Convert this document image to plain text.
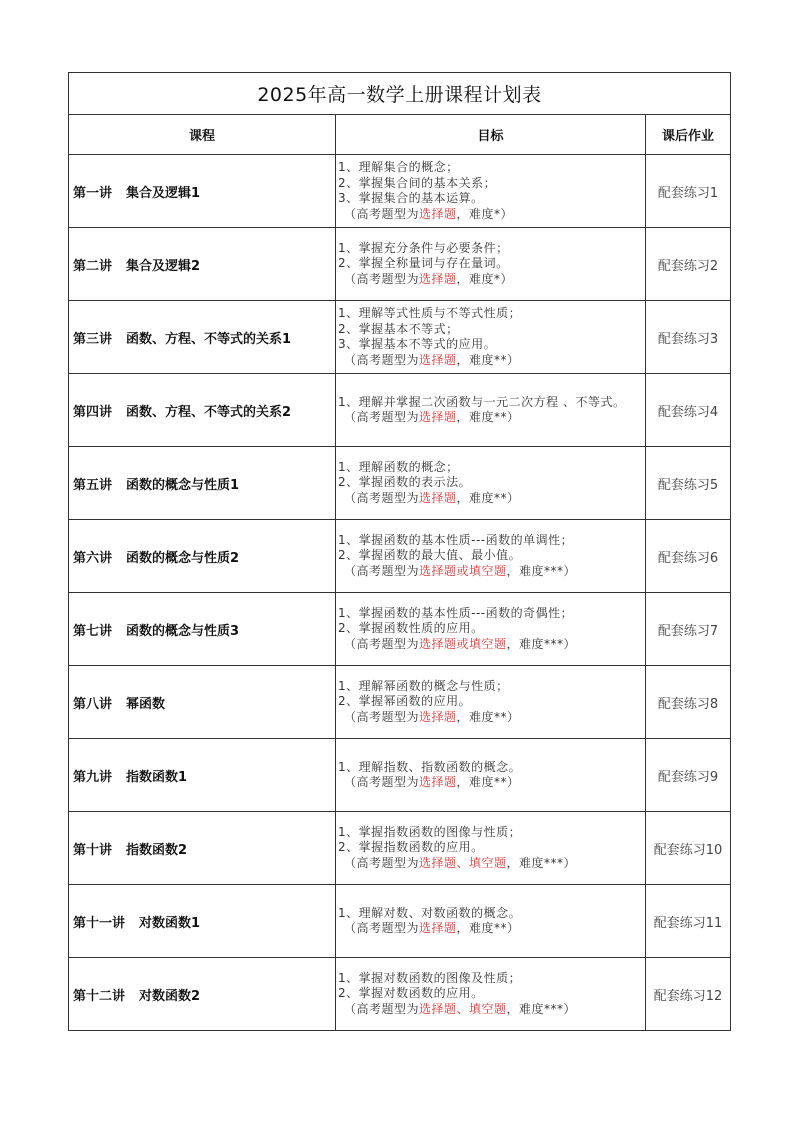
2025年高一数学上册课程计划表		
课程	目标	课后作业
第一讲 集合及逻辑1	1、理解集合的概念；
2、掌握集合间的基本关系；
3、掌握集合的基本运算。
（高考题型为选择题，难度*）	配套练习1
第二讲 集合及逻辑2	1、掌握充分条件与必要条件；
2、掌握全称量词与存在量词。
（高考题型为选择题，难度*）	配套练习2
第三讲 函数、方程、不等式的关系1	1、理解等式性质与不等式性质；
2、掌握基本不等式；
3、掌握基本不等式的应用。
（高考题型为选择题，难度**）	配套练习3
第四讲 函数、方程、不等式的关系2	1、理解并掌握二次函数与一元二次方程 、不等式。
（高考题型为选择题，难度**）	配套练习4
第五讲 函数的概念与性质1	1、理解函数的概念；
2、掌握函数的表示法。
（高考题型为选择题，难度**）	配套练习5
第六讲 函数的概念与性质2	1、掌握函数的基本性质---函数的单调性；
2、掌握函数的最大值、最小值。
（高考题型为选择题或填空题，难度***）	配套练习6
第七讲 函数的概念与性质3	1、掌握函数的基本性质---函数的奇偶性；
2、掌握函数性质的应用。
（高考题型为选择题或填空题，难度***）	配套练习7
第八讲 幂函数	1、理解幂函数的概念与性质；
2、掌握幂函数的应用。
（高考题型为选择题，难度**）	配套练习8
第九讲 指数函数1	1、理解指数、指数函数的概念。
（高考题型为选择题，难度**）	配套练习9
第十讲 指数函数2	1、掌握指数函数的图像与性质；
2、掌握指数函数的应用。
（高考题型为选择题、填空题，难度***）	配套练习10
第十一讲 对数函数1	1、理解对数、对数函数的概念。
（高考题型为选择题，难度**）	配套练习11
第十二讲 对数函数2	1、掌握对数函数的图像及性质；
2、掌握对数函数的应用。
（高考题型为选择题、填空题，难度***）	配套练习12
